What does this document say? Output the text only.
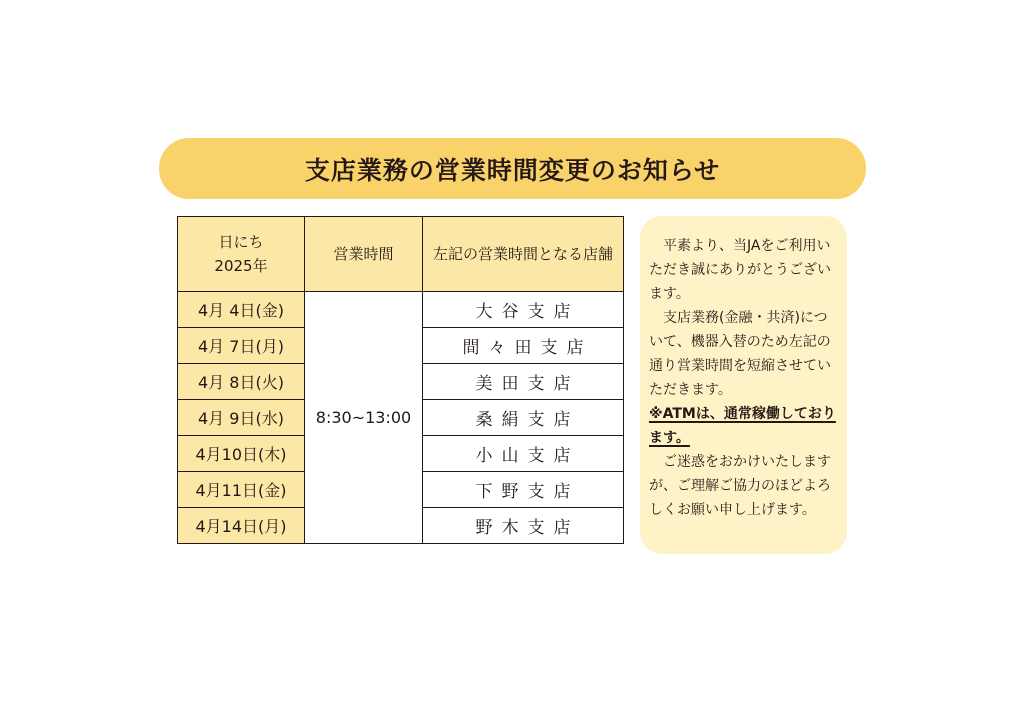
支店業務の営業時間変更のお知らせ
日にち
2025年	営業時間	左記の営業時間となる店舗
4月 4日(金)	8:30~13:00	大谷支店
4月 7日(月)		間々田支店
4月 8日(火)		美田支店
4月 9日(水)		桑絹支店
4月10日(木)		小山支店
4月11日(金)		下野支店
4月14日(月)		野木支店

平素より、当JAをご利用いただき誠にありがとうございます。

支店業務(金融・共済)について、機器入替のため左記の通り営業時間を短縮させていただきます。

※ATMは、通常稼働しております。

ご迷惑をおかけいたしますが、ご理解ご協力のほどよろしくお願い申し上げます。
